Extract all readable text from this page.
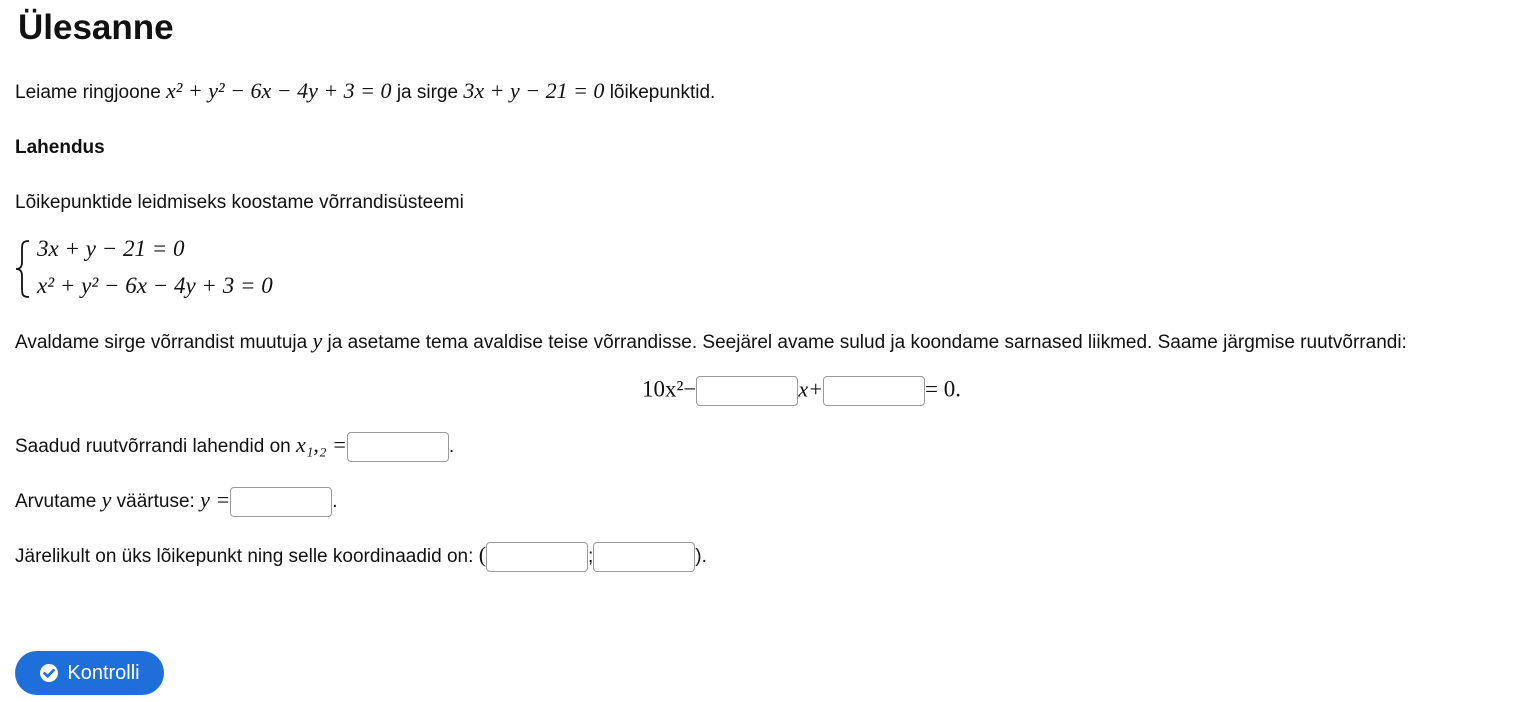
Ülesanne
Leiame ringjoone x² + y² − 6x − 4y + 3 = 0 ja sirge 3x + y − 21 = 0 lõikepunktid.
Lahendus
Lõikepunktide leidmiseks koostame võrrandisüsteemi
3x + y − 21 = 0
x² + y² − 6x − 4y + 3 = 0
Avaldame sirge võrrandist muutuja y ja asetame tema avaldise teise võrrandisse. Seejärel avame sulud ja koondame sarnased liikmed. Saame järgmise ruutvõrrandi:
10x²−	x+	= 0.
Saadud ruutvõrrandi lahendid on x₁,₂ =	.
Arvutame y väärtuse: y =	.
Järelikult on üks lõikepunkt ning selle koordinaadid on: (	;	).
Kontrolli
